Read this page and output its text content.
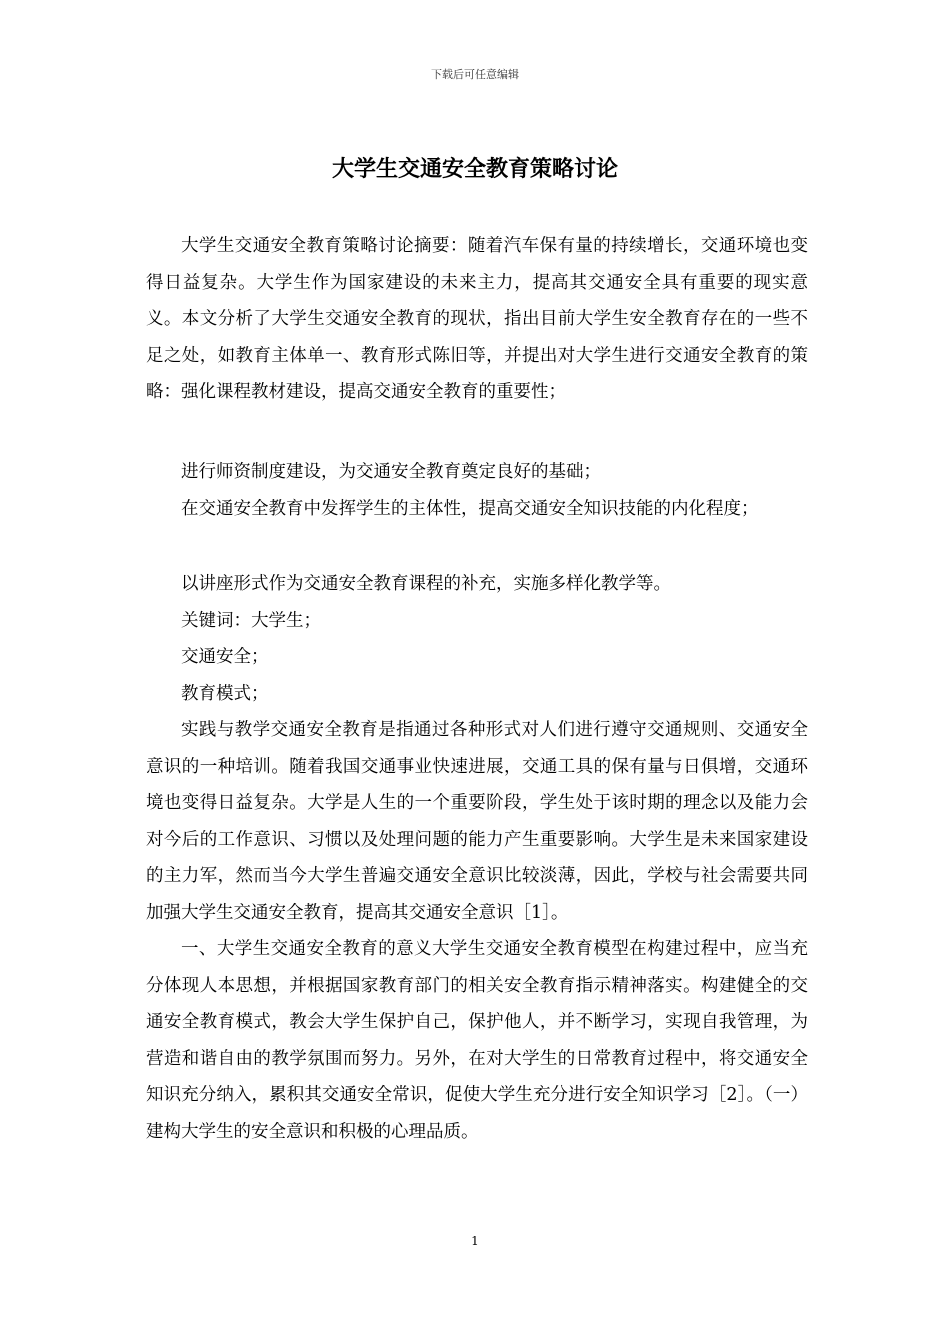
下载后可任意编辑
大学生交通安全教育策略讨论

大学生交通安全教育策略讨论摘要：随着汽车保有量的持续增长，交通环境也变得日益复杂。大学生作为国家建设的未来主力，提高其交通安全具有重要的现实意义。本文分析了大学生交通安全教育的现状，指出目前大学生安全教育存在的一些不足之处，如教育主体单一、教育形式陈旧等，并提出对大学生进行交通安全教育的策略：强化课程教材建设，提高交通安全教育的重要性；

进行师资制度建设，为交通安全教育奠定良好的基础；

在交通安全教育中发挥学生的主体性，提高交通安全知识技能的内化程度；

以讲座形式作为交通安全教育课程的补充，实施多样化教学等。

关键词：大学生；

交通安全；

教育模式；

实践与教学交通安全教育是指通过各种形式对人们进行遵守交通规则、交通安全意识的一种培训。随着我国交通事业快速进展，交通工具的保有量与日俱增，交通环境也变得日益复杂。大学是人生的一个重要阶段，学生处于该时期的理念以及能力会对今后的工作意识、习惯以及处理问题的能力产生重要影响。大学生是未来国家建设的主力军，然而当今大学生普遍交通安全意识比较淡薄，因此，学校与社会需要共同加强大学生交通安全教育，提高其交通安全意识［1］。

一、大学生交通安全教育的意义大学生交通安全教育模型在构建过程中，应当充分体现人本思想，并根据国家教育部门的相关安全教育指示精神落实。构建健全的交通安全教育模式，教会大学生保护自己，保护他人，并不断学习，实现自我管理，为营造和谐自由的教学氛围而努力。另外，在对大学生的日常教育过程中，将交通安全知识充分纳入，累积其交通安全常识，促使大学生充分进行安全知识学习［2］。（一）建构大学生的安全意识和积极的心理品质。

1
